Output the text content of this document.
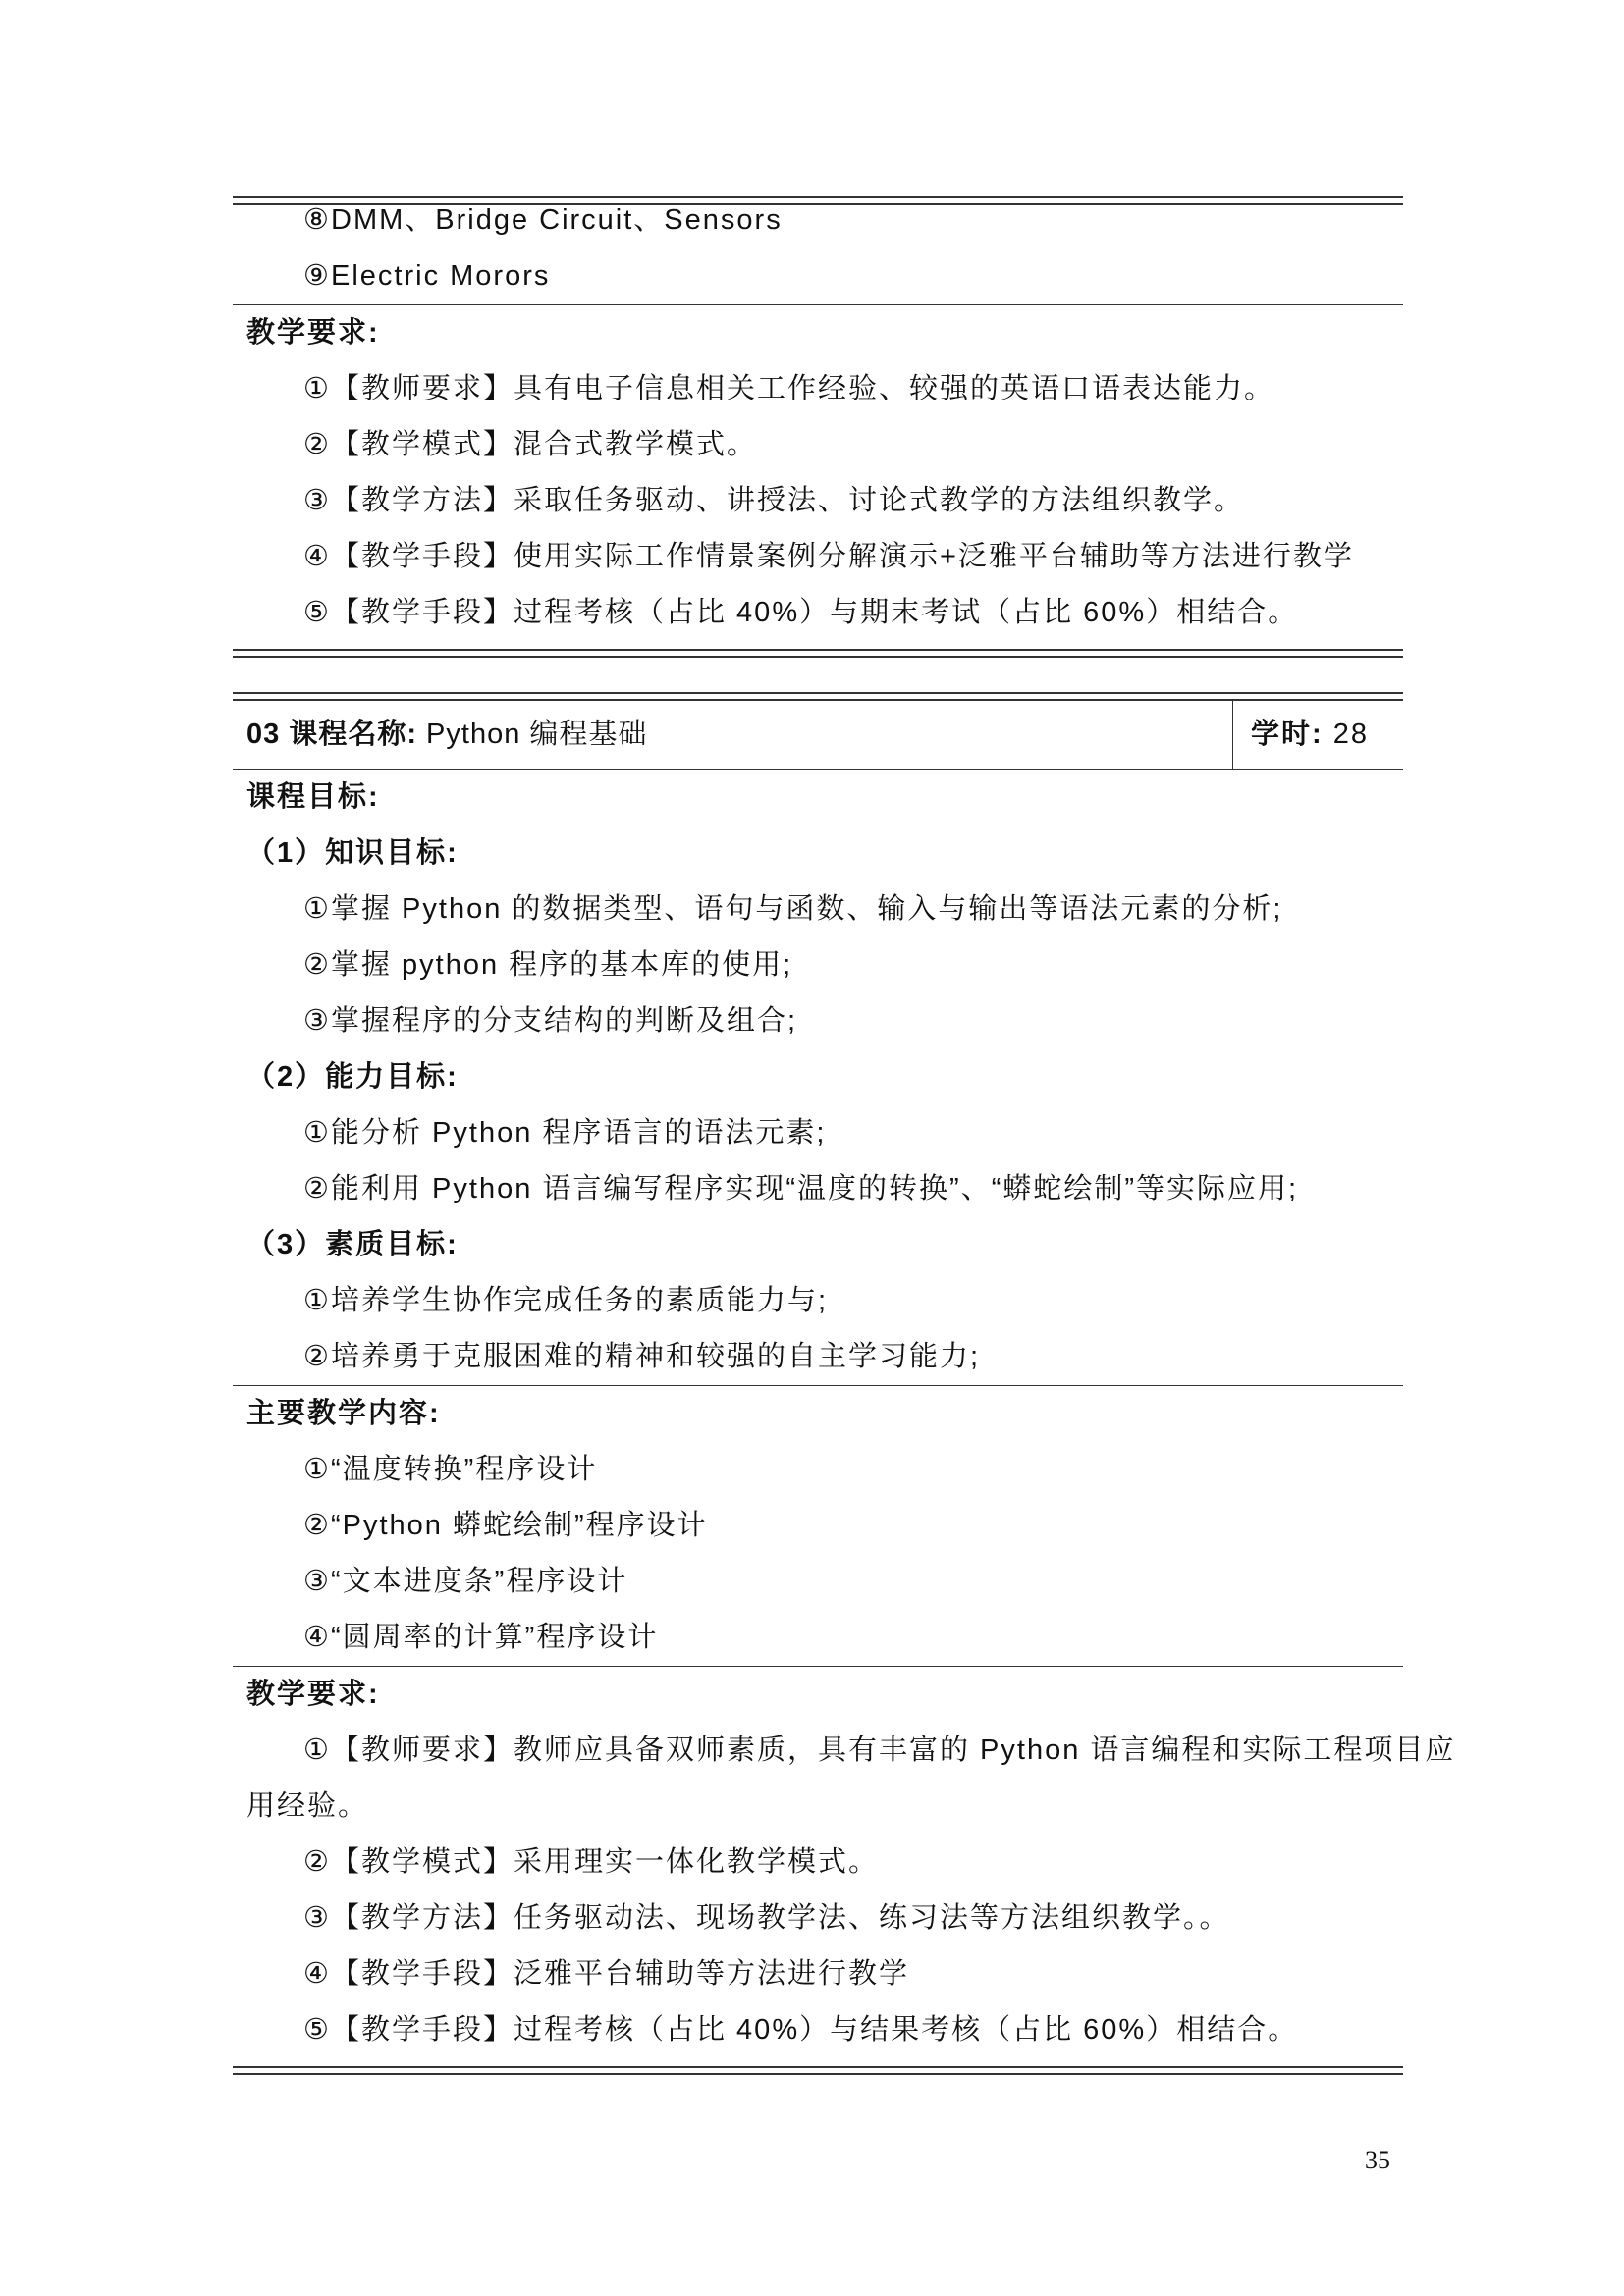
⑧DMM、Bridge Circuit、Sensors
⑨Electric Morors
教学要求:
①【教师要求】具有电子信息相关工作经验、较强的英语口语表达能力。
②【教学模式】混合式教学模式。
③【教学方法】采取任务驱动、讲授法、讨论式教学的方法组织教学。
④【教学手段】使用实际工作情景案例分解演示+泛雅平台辅助等方法进行教学
⑤【教学手段】过程考核（占比 40%）与期末考试（占比 60%）相结合。
03 课程名称: Python 编程基础	学时: 28
课程目标:
（1）知识目标:
①掌握 Python 的数据类型、语句与函数、输入与输出等语法元素的分析;
②掌握 python 程序的基本库的使用;
③掌握程序的分支结构的判断及组合;
（2）能力目标:
①能分析 Python 程序语言的语法元素;
②能利用 Python 语言编写程序实现“温度的转换”、“蟒蛇绘制”等实际应用;
（3）素质目标:
①培养学生协作完成任务的素质能力与;
②培养勇于克服困难的精神和较强的自主学习能力;
主要教学内容:
①“温度转换”程序设计
②“Python 蟒蛇绘制”程序设计
③“文本进度条”程序设计
④“圆周率的计算”程序设计
教学要求:
①【教师要求】教师应具备双师素质，具有丰富的 Python 语言编程和实际工程项目应
用经验。
②【教学模式】采用理实一体化教学模式。
③【教学方法】任务驱动法、现场教学法、练习法等方法组织教学。。
④【教学手段】泛雅平台辅助等方法进行教学
⑤【教学手段】过程考核（占比 40%）与结果考核（占比 60%）相结合。
35
